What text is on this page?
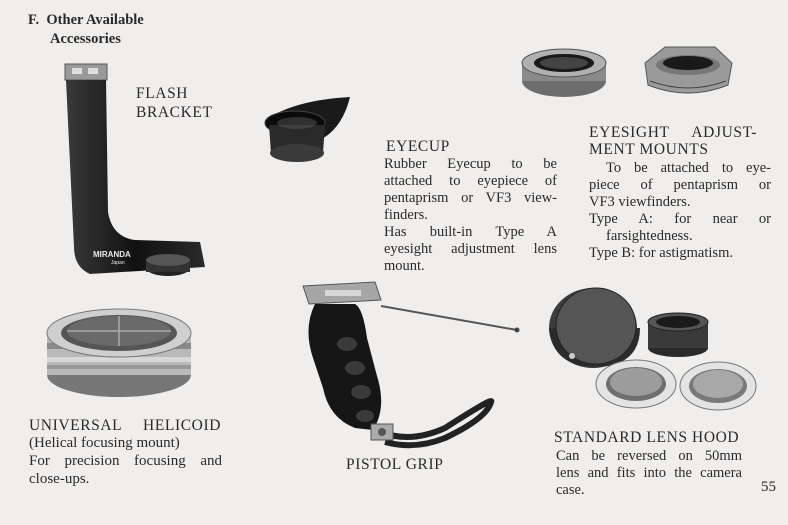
F. Other Available
Accessories
MIRANDA
Japan
FLASH
BRACKET
EYECUP
Rubber Eyecup to be
attached to eyepiece of
pentaprism or VF3 view-
finders.
Has built-in Type A
eyesight adjustment lens
mount.
EYESIGHT ADJUST-
MENT MOUNTS
To be attached to eye-
piece of pentaprism or
VF3 viewfinders.
Type A: for near or
farsightedness.
Type B: for astigmatism.
UNIVERSAL HELICOID
(Helical focusing mount)
For precision focusing and
close-ups.
PISTOL GRIP
STANDARD LENS HOOD
Can be reversed on 50mm
lens and fits into the camera
case.	55
